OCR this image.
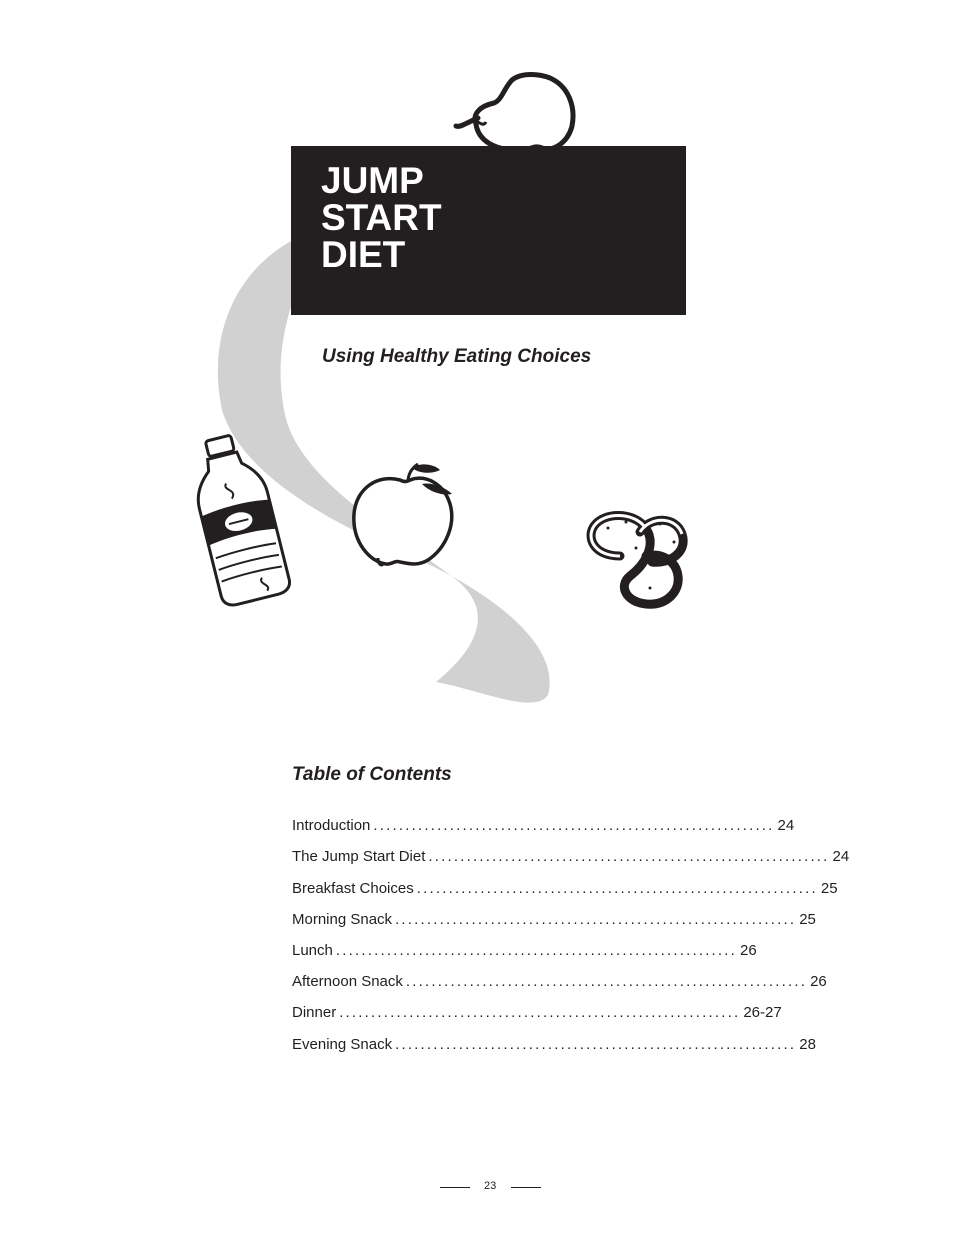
JUMP
START
DIET
Using Healthy Eating Choices
Table of Contents
Introduction ............................................................... 24
The Jump Start Diet ............................................................... 24
Breakfast Choices ............................................................... 25
Morning Snack ............................................................... 25
Lunch ............................................................... 26
Afternoon Snack ............................................................... 26
Dinner ............................................................... 26-27
Evening Snack ............................................................... 28
23
